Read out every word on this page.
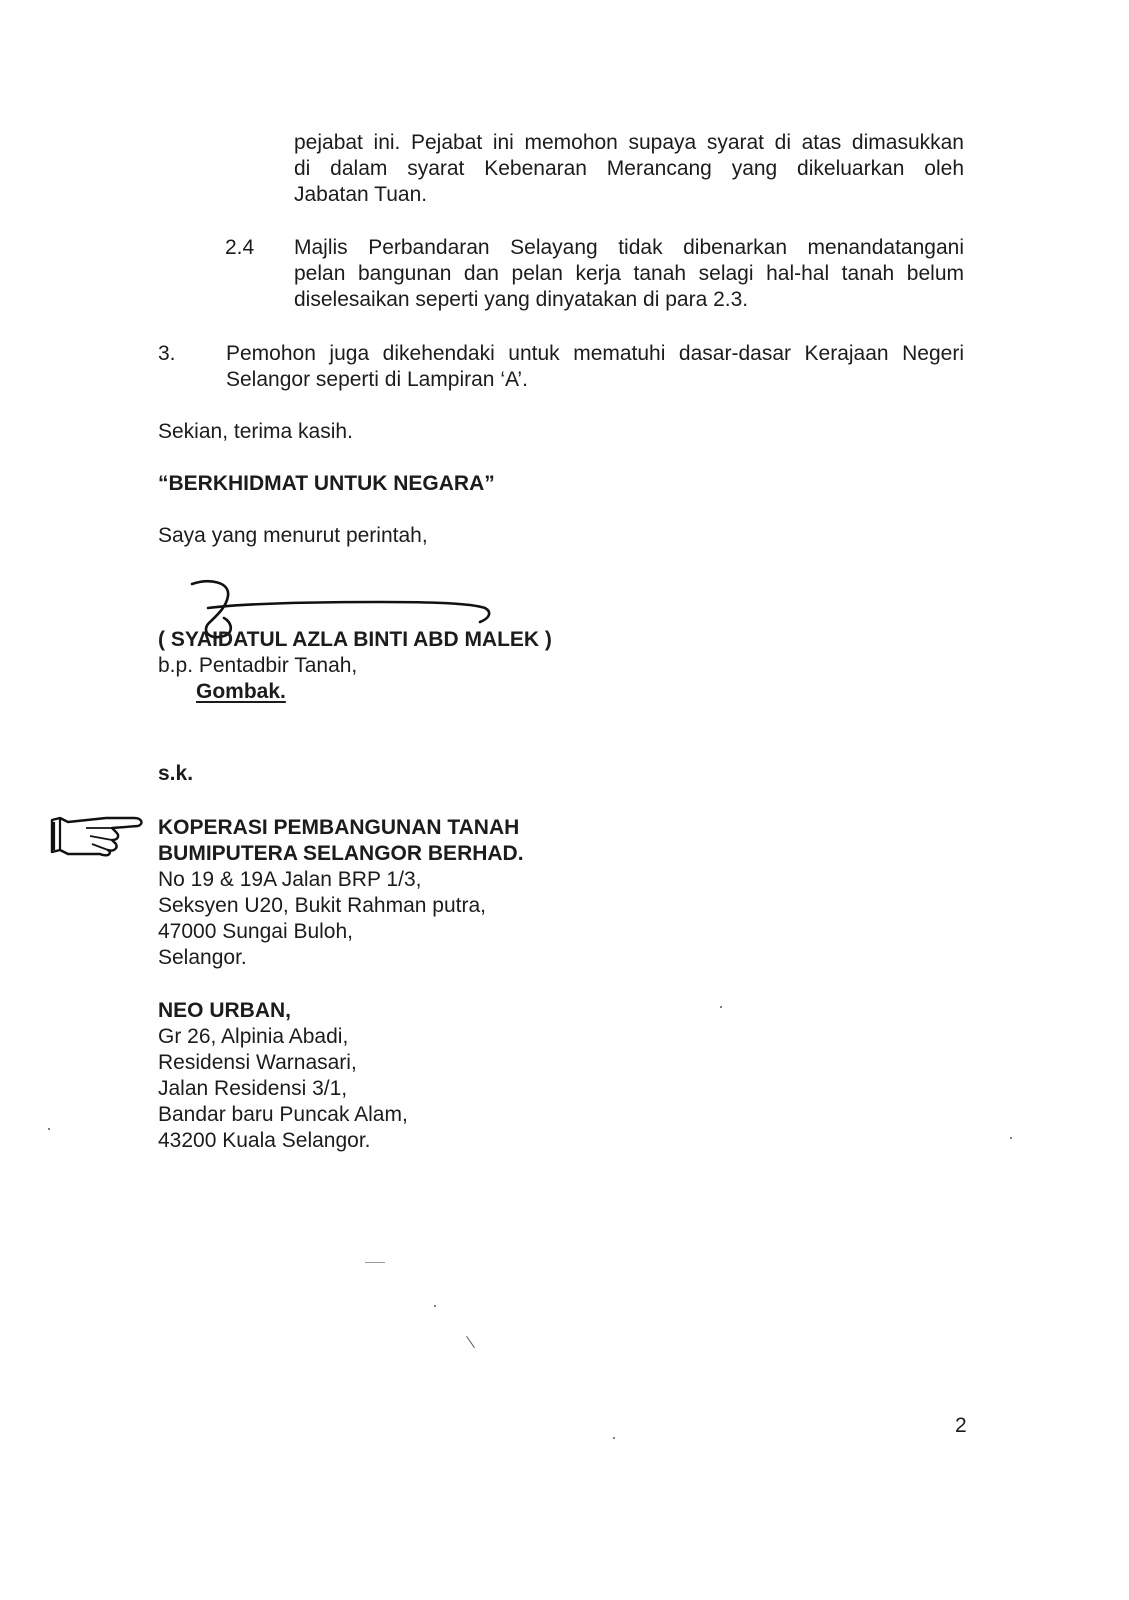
pejabat ini. Pejabat ini memohon supaya syarat di atas dimasukkan
di dalam syarat Kebenaran Merancang yang dikeluarkan oleh
Jabatan Tuan.
2.4 Majlis Perbandaran Selayang tidak dibenarkan menandatangani
pelan bangunan dan pelan kerja tanah selagi hal-hal tanah belum
diselesaikan seperti yang dinyatakan di para 2.3.
3. Pemohon juga dikehendaki untuk mematuhi dasar-dasar Kerajaan Negeri
Selangor seperti di Lampiran ‘A’.
Sekian, terima kasih.
“BERKHIDMAT UNTUK NEGARA”
Saya yang menurut perintah,
( SYAIDATUL AZLA BINTI ABD MALEK )
b.p. Pentadbir Tanah,
Gombak.
s.k.
KOPERASI PEMBANGUNAN TANAH
BUMIPUTERA SELANGOR BERHAD.
No 19 & 19A Jalan BRP 1/3,
Seksyen U20, Bukit Rahman putra,
47000 Sungai Buloh,
Selangor.
NEO URBAN,
Gr 26, Alpinia Abadi,
Residensi Warnasari,
Jalan Residensi 3/1,
Bandar baru Puncak Alam,
43200 Kuala Selangor.
2
